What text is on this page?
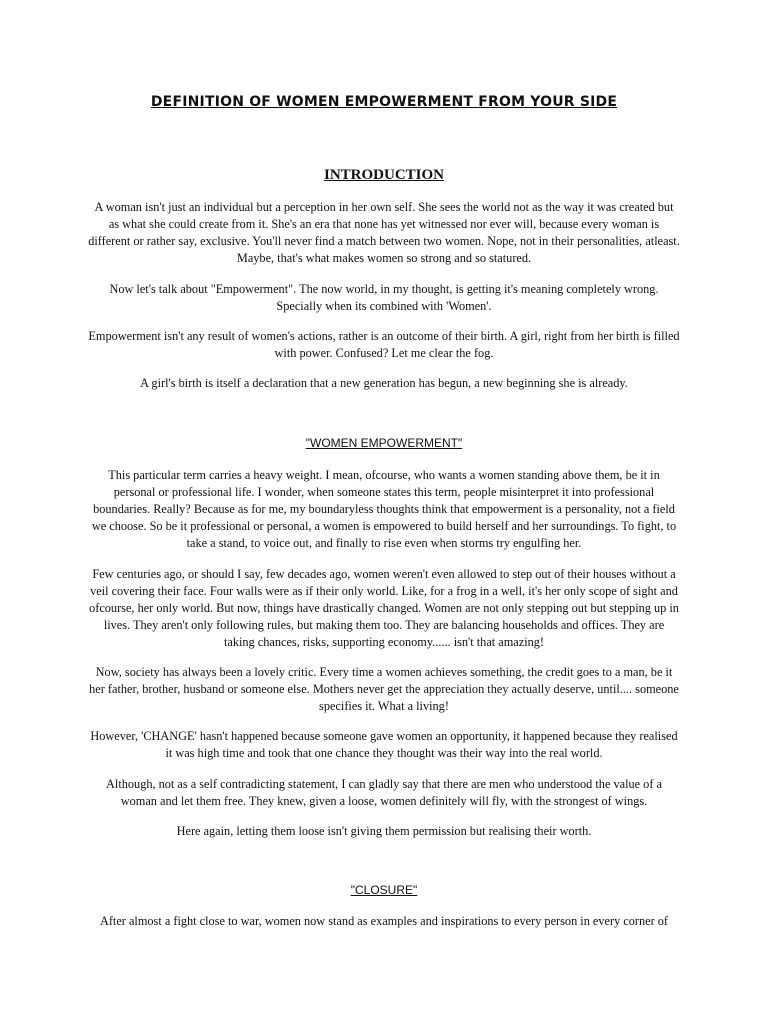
DEFINITION OF WOMEN EMPOWERMENT FROM YOUR SIDE
INTRODUCTION

A woman isn't just an individual but a perception in her own self. She sees the world not as the way it was created but as what she could create from it. She's an era that none has yet witnessed nor ever will, because every woman is different or rather say, exclusive. You'll never find a match between two women. Nope, not in their personalities, atleast. Maybe, that's what makes women so strong and so statured.

Now let's talk about "Empowerment". The now world, in my thought, is getting it's meaning completely wrong. Specially when its combined with 'Women'.

Empowerment isn't any result of women's actions, rather is an outcome of their birth. A girl, right from her birth is filled with power. Confused? Let me clear the fog.

A girl's birth is itself a declaration that a new generation has begun, a new beginning she is already.

"WOMEN EMPOWERMENT"

This particular term carries a heavy weight. I mean, ofcourse, who wants a women standing above them, be it in personal or professional life. I wonder, when someone states this term, people misinterpret it into professional boundaries. Really? Because as for me, my boundaryless thoughts think that empowerment is a personality, not a field we choose. So be it professional or personal, a women is empowered to build herself and her surroundings. To fight, to take a stand, to voice out, and finally to rise even when storms try engulfing her.

Few centuries ago, or should I say, few decades ago, women weren't even allowed to step out of their houses without a veil covering their face. Four walls were as if their only world. Like, for a frog in a well, it's her only scope of sight and ofcourse, her only world. But now, things have drastically changed. Women are not only stepping out but stepping up in lives. They aren't only following rules, but making them too. They are balancing households and offices. They are taking chances, risks, supporting economy...... isn't that amazing!

Now, society has always been a lovely critic. Every time a women achieves something, the credit goes to a man, be it her father, brother, husband or someone else. Mothers never get the appreciation they actually deserve, until.... someone specifies it. What a living!

However, 'CHANGE' hasn't happened because someone gave women an opportunity, it happened because they realised it was high time and took that one chance they thought was their way into the real world.

Although, not as a self contradicting statement, I can gladly say that there are men who understood the value of a woman and let them free. They knew, given a loose, women definitely will fly, with the strongest of wings.

Here again, letting them loose isn't giving them permission but realising their worth.

"CLOSURE"

After almost a fight close to war, women now stand as examples and inspirations to every person in every corner of
